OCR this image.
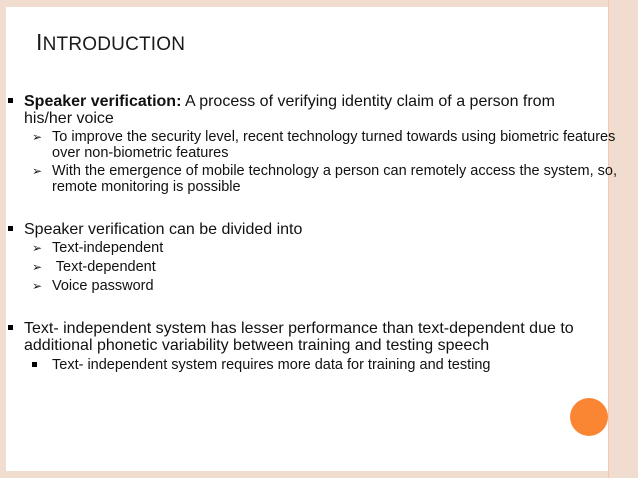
INTRODUCTION
Speaker verification: A process of verifying identity claim of a person from his/her voice
➢ To improve the security level, recent technology turned towards using biometric features over non-biometric features
➢ With the emergence of mobile technology a person can remotely access the system, so, remote monitoring is possible
Speaker verification can be divided into
➢ Text-independent
➢ Text-dependent
➢ Voice password
Text- independent system has lesser performance than text-dependent due to additional phonetic variability between training and testing speech
Text- independent system requires more data for training and testing
